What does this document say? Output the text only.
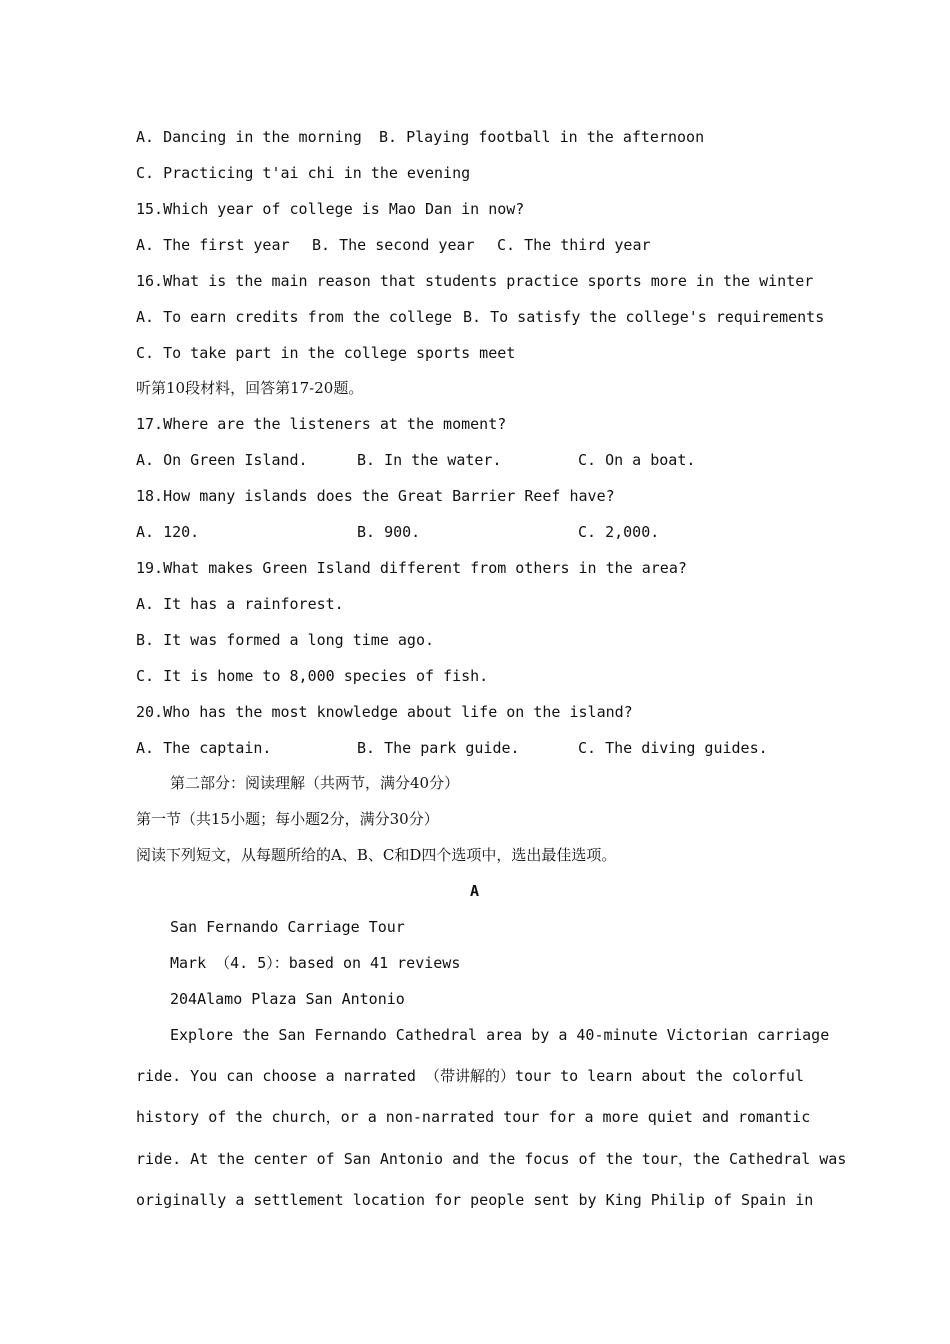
A. Dancing in the morning B. Playing football in the afternoon
C. Practicing t'ai chi in the evening
15.Which year of college is Mao Dan in now?
A. The first year B. The second year C. The third year
16.What is the main reason that students practice sports more in the winter
A. To earn credits from the college B. To satisfy the college's requirements
C. To take part in the college sports meet
听第10段材料，回答第17-20题。
17.Where are the listeners at the moment?
A. On Green Island.	B. In the water.	C. On a boat.
18.How many islands does the Great Barrier Reef have?
A. 120.	B. 900.	C. 2,000.
19.What makes Green Island different from others in the area?
A. It has a rainforest.
B. It was formed a long time ago.
C. It is home to 8,000 species of fish.
20.Who has the most knowledge about life on the island?
A. The captain.	B. The park guide.	C. The diving guides.
第二部分：阅读理解（共两节，满分40分）
第一节（共15小题；每小题2分，满分30分）
阅读下列短文，从每题所给的A、B、C和D四个选项中，选出最佳选项。
A
San Fernando Carriage Tour
Mark （4. 5）：based on 41 reviews
204Alamo Plaza San Antonio
Explore the San Fernando Cathedral area by a 40-minute Victorian carriage
ride. You can choose a narrated （带讲解的）tour to learn about the colorful
history of the church，or a non-narrated tour for a more quiet and romantic
ride. At the center of San Antonio and the focus of the tour，the Cathedral was
originally a settlement location for people sent by King Philip of Spain in
